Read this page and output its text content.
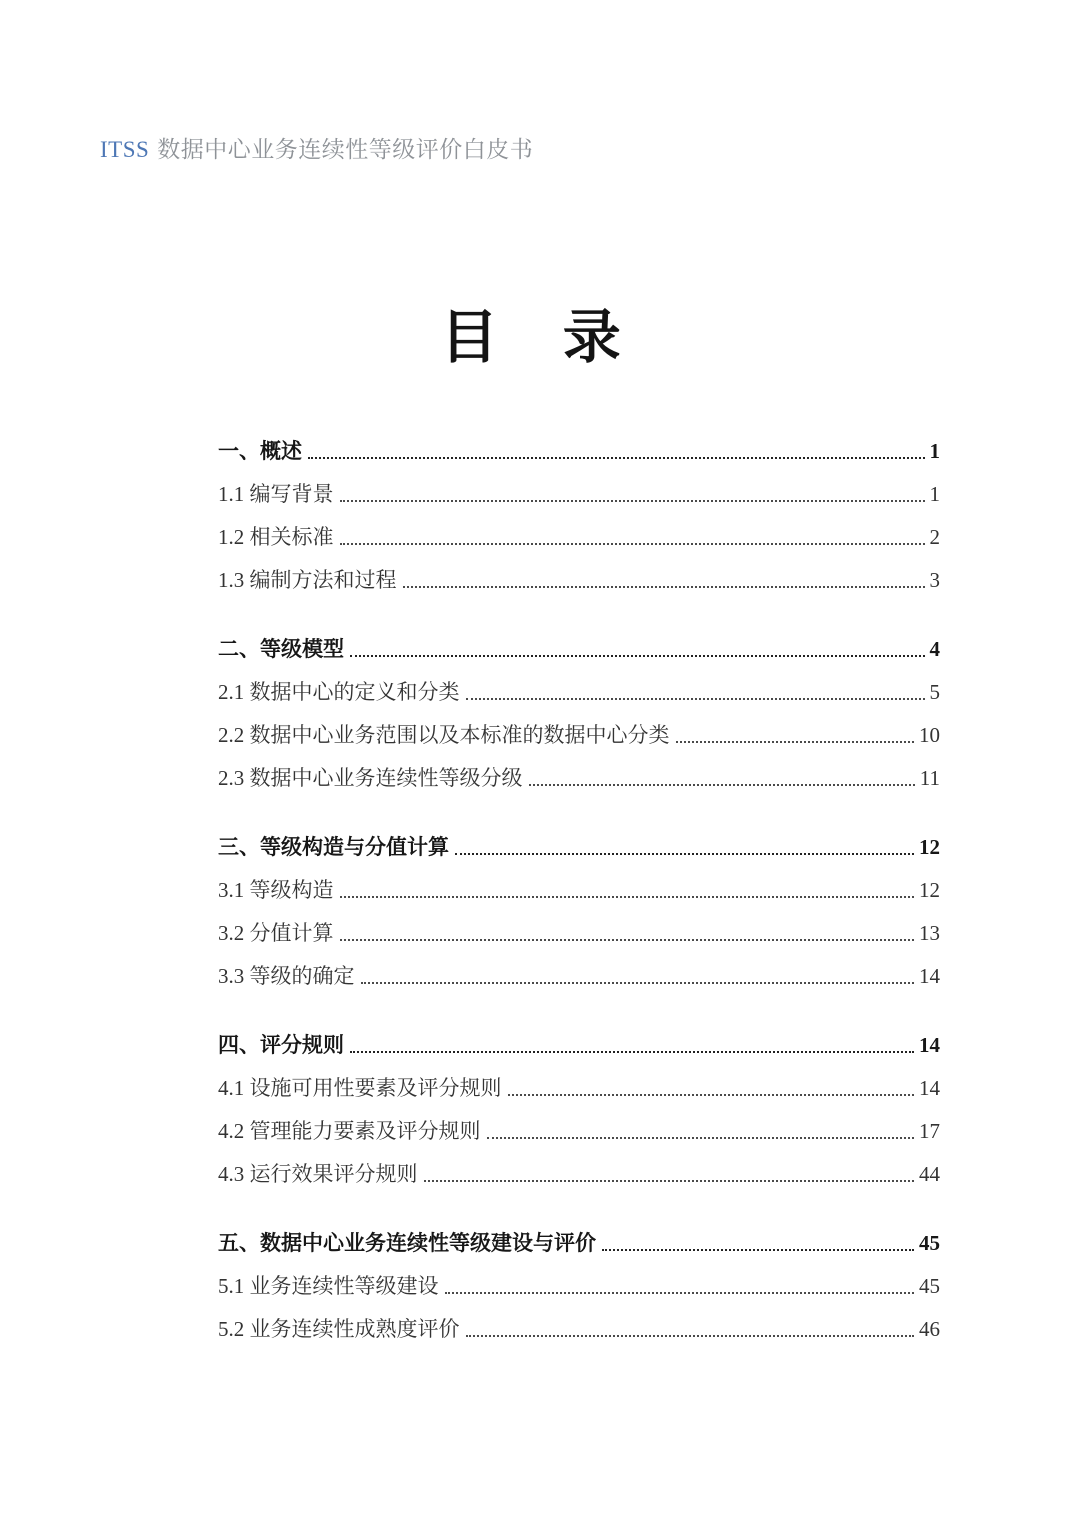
ITSS 数据中心业务连续性等级评价白皮书
目 录
一、概述	1
1.1 编写背景	1
1.2 相关标准	2
1.3 编制方法和过程	3
二、等级模型	4
2.1 数据中心的定义和分类	5
2.2 数据中心业务范围以及本标准的数据中心分类	10
2.3 数据中心业务连续性等级分级	11
三、等级构造与分值计算	12
3.1 等级构造	12
3.2 分值计算	13
3.3 等级的确定	14
四、评分规则	14
4.1 设施可用性要素及评分规则	14
4.2 管理能力要素及评分规则	17
4.3 运行效果评分规则	44
五、数据中心业务连续性等级建设与评价	45
5.1 业务连续性等级建设	45
5.2 业务连续性成熟度评价	46
